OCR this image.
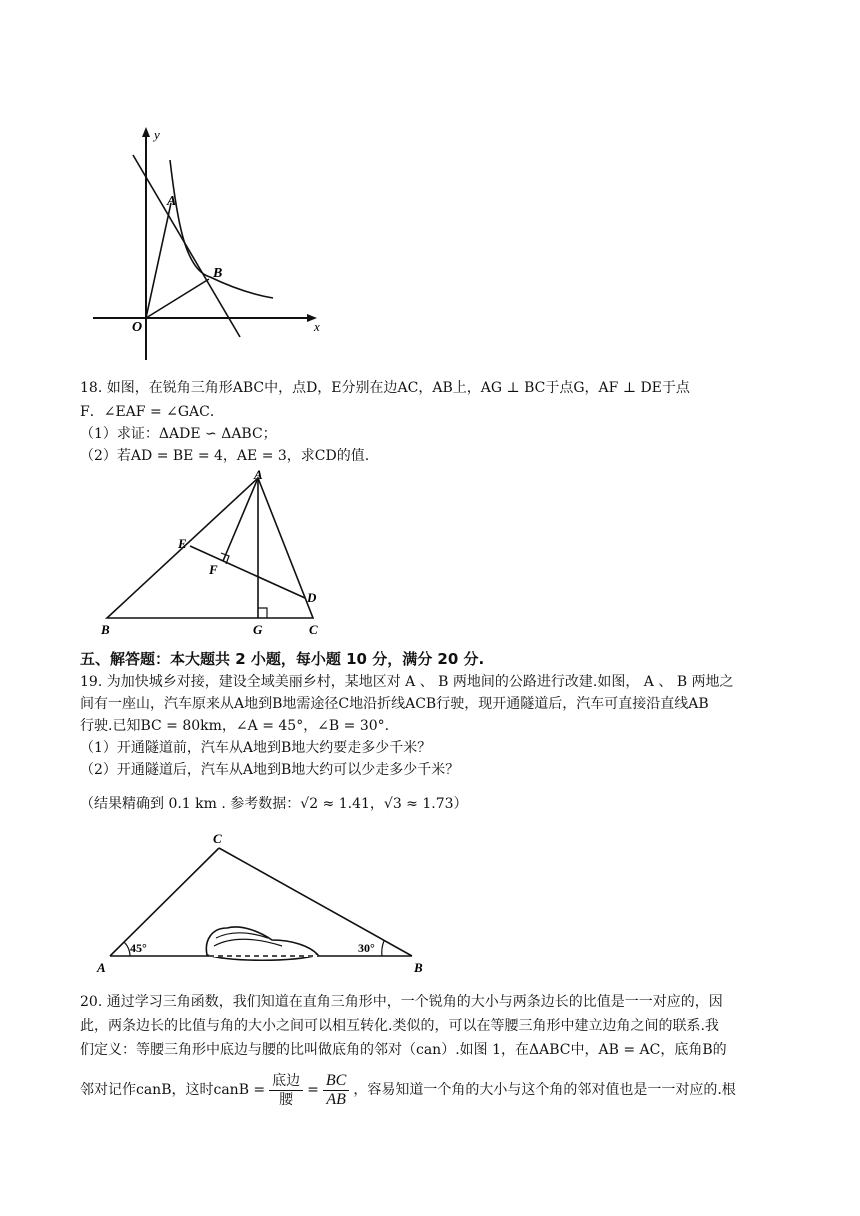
y
x
A
B
O
18. 如图，在锐角三角形ABC中，点D，E分别在边AC，AB上，AG ⊥ BC于点G，AF ⊥ DE于点
F．∠EAF = ∠GAC．
（1）求证：ΔADE ∽ ΔABC；
（2）若AD = BE = 4，AE = 3，求CD的值.
A
E
F
D
B	G	C
五、解答题：本大题共 2 小题，每小题 10 分，满分 20 分.
19. 为加快城乡对接，建设全域美丽乡村，某地区对 A 、 B 两地间的公路进行改建.如图， A 、 B 两地之
间有一座山，汽车原来从A地到B地需途径C地沿折线ACB行驶，现开通隧道后，汽车可直接沿直线AB
行驶.已知BC = 80km，∠A = 45°，∠B = 30°.
（1）开通隧道前，汽车从A地到B地大约要走多少千米？
（2）开通隧道后，汽车从A地到B地大约可以少走多少千米？
（结果精确到 0.1 km . 参考数据：√2 ≈ 1.41，√3 ≈ 1.73）
C
A	B
45°	30°
20. 通过学习三角函数，我们知道在直角三角形中，一个锐角的大小与两条边长的比值是一一对应的，因
此，两条边长的比值与角的大小之间可以相互转化.类似的，可以在等腰三角形中建立边角之间的联系.我
们定义：等腰三角形中底边与腰的比叫做底角的邻对（can）.如图 1，在ΔABC中，AB = AC，底角B的
邻对记作canB，这时canB = $\frac{\text{底边}}{\text{腰}} = \frac{BC}{AB}$ ，容易知道一个角的大小与这个角的邻对值也是一一对应的.根
